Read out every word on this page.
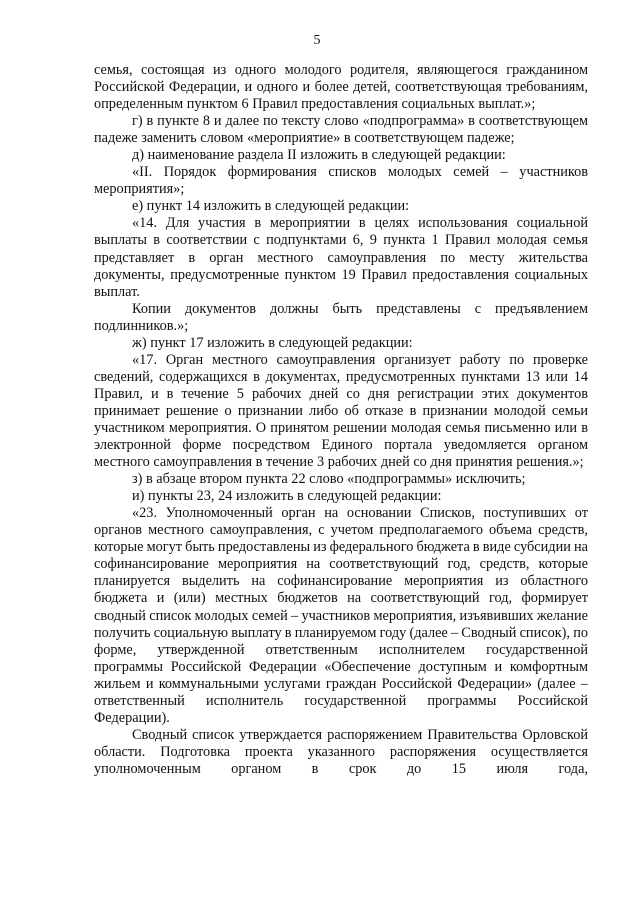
5

семья, состоящая из одного молодого родителя, являющегося гражданином Российской Федерации, и одного и более детей, соответствующая требованиям, определенным пунктом 6 Правил предоставления социальных выплат.»;

г) в пункте 8 и далее по тексту слово «подпрограмма» в соответствующем падеже заменить словом «мероприятие» в соответствующем падеже;

д) наименование раздела II изложить в следующей редакции:

«II. Порядок формирования списков молодых семей – участников мероприятия»;

е) пункт 14 изложить в следующей редакции:

«14. Для участия в мероприятии в целях использования социальной выплаты в соответствии с подпунктами 6, 9 пункта 1 Правил молодая семья представляет в орган местного самоуправления по месту жительства документы, предусмотренные пунктом 19 Правил предоставления социальных выплат.

Копии документов должны быть представлены с предъявлением подлинников.»;

ж) пункт 17 изложить в следующей редакции:

«17. Орган местного самоуправления организует работу по проверке сведений, содержащихся в документах, предусмотренных пунктами 13 или 14 Правил, и в течение 5 рабочих дней со дня регистрации этих документов принимает решение о признании либо об отказе в признании молодой семьи участником мероприятия. О принятом решении молодая семья письменно или в электронной форме посредством Единого портала уведомляется органом местного самоуправления в течение 3 рабочих дней со дня принятия решения.»;

з) в абзаце втором пункта 22 слово «подпрограммы» исключить;

и) пункты 23, 24 изложить в следующей редакции:

«23. Уполномоченный орган на основании Списков, поступивших от органов местного самоуправления, с учетом предполагаемого объема средств, которые могут быть предоставлены из федерального бюджета в виде субсидии на софинансирование мероприятия на соответствующий год, средств, которые планируется выделить на софинансирование мероприятия из областного бюджета и (или) местных бюджетов на соответствующий год, формирует сводный список молодых семей – участников мероприятия, изъявивших желание получить социальную выплату в планируемом году (далее – Сводный список), по форме, утвержденной ответственным исполнителем государственной программы Российской Федерации «Обеспечение доступным и комфортным жильем и коммунальными услугами граждан Российской Федерации» (далее – ответственный исполнитель государственной программы Российской Федерации).

Сводный список утверждается распоряжением Правительства Орловской области. Подготовка проекта указанного распоряжения осуществляется уполномоченным органом в срок до 15 июля года,
